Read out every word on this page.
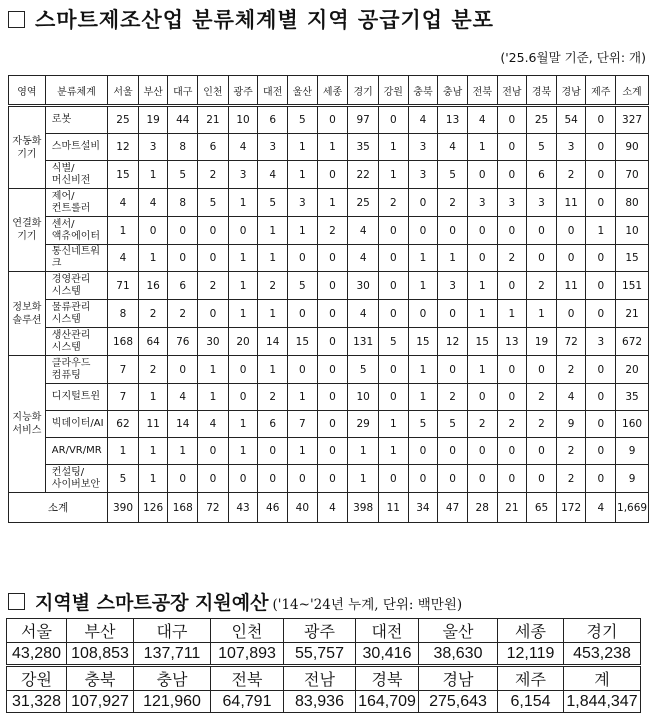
스마트제조산업 분류체계별 지역 공급기업 분포
('25.6월말 기준, 단위: 개)
영역	분류체계	서울	부산	대구	인천	광주	대전	울산	세종	경기	강원	충북	충남	전북	전남	경북	경남	제주	소계
자동화
기기	로봇	25	19	44	21	10	6	5	0	97	0	4	13	4	0	25	54	0	327
	스마트설비	12	3	8	6	4	3	1	1	35	1	3	4	1	0	5	3	0	90
	식별/
머신비전	15	1	5	2	3	4	1	0	22	1	3	5	0	0	6	2	0	70
연결화
기기	제어/
컨트롤러	4	4	8	5	1	5	3	1	25	2	0	2	3	3	3	11	0	80
	센서/
액츄에이터	1	0	0	0	0	1	1	2	4	0	0	0	0	0	0	0	1	10
	통신네트워크	4	1	0	0	1	1	0	0	4	0	1	1	0	2	0	0	0	15
정보화
솔루션	경영관리
시스템	71	16	6	2	1	2	5	0	30	0	1	3	1	0	2	11	0	151
	물류관리
시스템	8	2	2	0	1	1	0	0	4	0	0	0	1	1	1	0	0	21
	생산관리
시스템	168	64	76	30	20	14	15	0	131	5	15	12	15	13	19	72	3	672
지능화
서비스	클라우드
컴퓨팅	7	2	0	1	0	1	0	0	5	0	1	0	1	0	0	2	0	20
	디지털트윈	7	1	4	1	0	2	1	0	10	0	1	2	0	0	2	4	0	35
	빅데이터/AI	62	11	14	4	1	6	7	0	29	1	5	5	2	2	2	9	0	160
	AR/VR/MR	1	1	1	0	1	0	1	0	1	1	0	0	0	0	0	2	0	9
	컨설팅/
사이버보안	5	1	0	0	0	0	0	0	1	0	0	0	0	0	0	2	0	9
소계		390	126	168	72	43	46	40	4	398	11	34	47	28	21	65	172	4	1,669
지역별 스마트공장 지원예산 ('14~'24년 누계, 단위: 백만원)
서울	부산	대구	인천	광주	대전	울산	세종	경기
43,280	108,853	137,711	107,893	55,757	30,416	38,630	12,119	453,238
강원	충북	충남	전북	전남	경북	경남	제주	계
31,328	107,927	121,960	64,791	83,936	164,709	275,643	6,154	1,844,347
